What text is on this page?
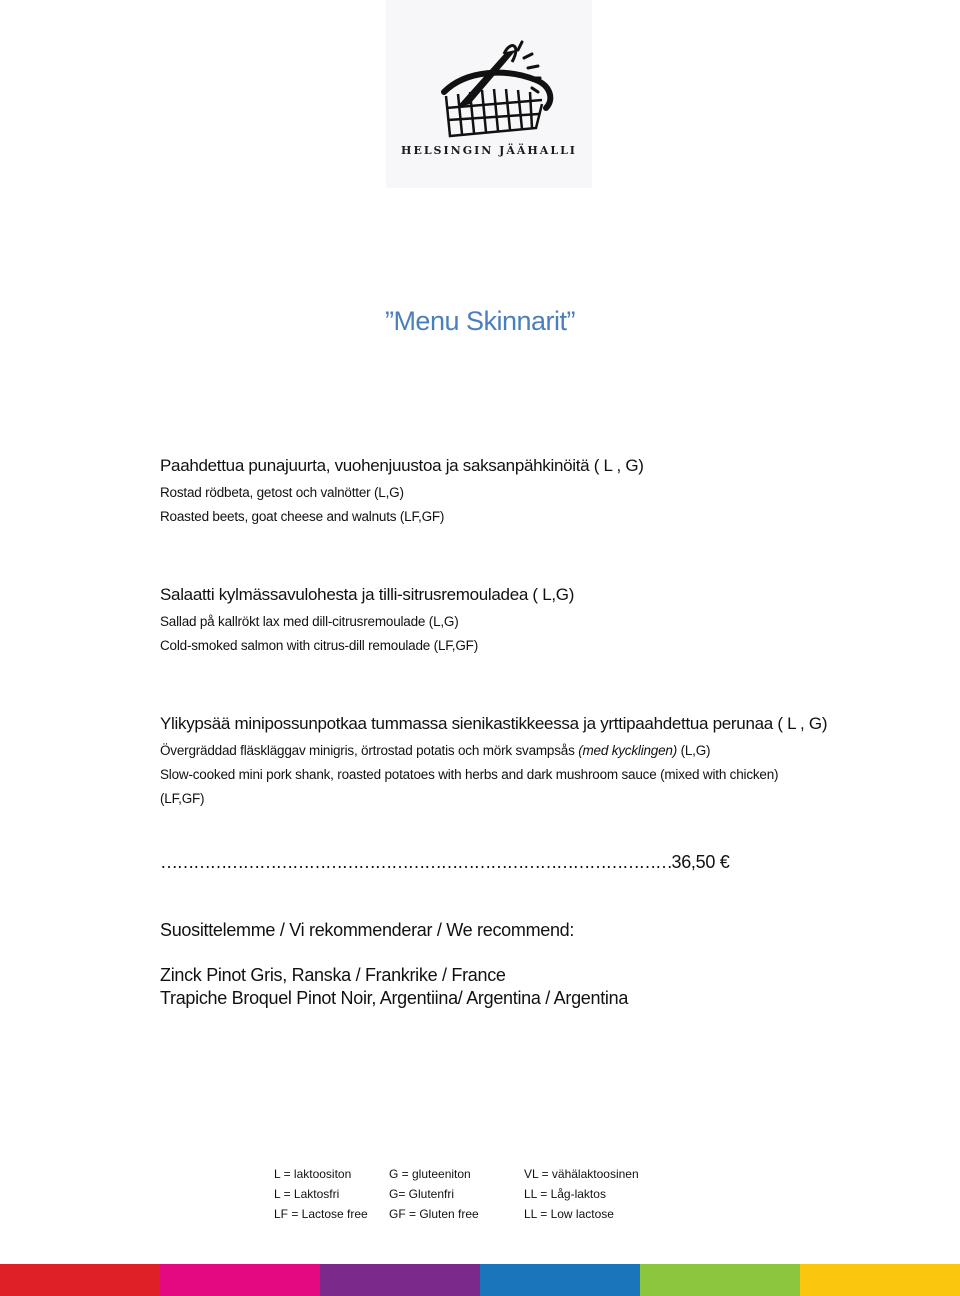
HELSINGIN JÄÄHALLI
”Menu Skinnarit”
Paahdettua punajuurta, vuohenjuustoa ja saksanpähkinöitä ( L , G)
Rostad rödbeta, getost och valnötter (L,G)
Roasted beets, goat cheese and walnuts (LF,GF)
Salaatti kylmässavulohesta ja tilli-sitrusremouladea ( L,G)
Sallad på kallrökt lax med dill-citrusremoulade (L,G)
Cold-smoked salmon with citrus-dill remoulade (LF,GF)
Ylikypsää minipossunpotkaa tummassa sienikastikkeessa ja yrttipaahdettua perunaa ( L , G)
Övergräddad fläskläggav minigris, örtrostad potatis och mörk svampsås (med kycklingen) (L,G)
Slow-cooked mini pork shank, roasted potatoes with herbs and dark mushroom sauce (mixed with chicken) (LF,GF)
…………………………………………………………………………………36,50 €
Suosittelemme / Vi rekommenderar / We recommend:
Zinck Pinot Gris, Ranska / Frankrike / France
Trapiche Broquel Pinot Noir, Argentiina/ Argentina / Argentina
L = laktoositon
L = Laktosfri
LF = Lactose free
G = gluteeniton
G= Glutenfri
GF = Gluten free
VL = vähälaktoosinen
LL = Låg-laktos
LL = Low lactose
